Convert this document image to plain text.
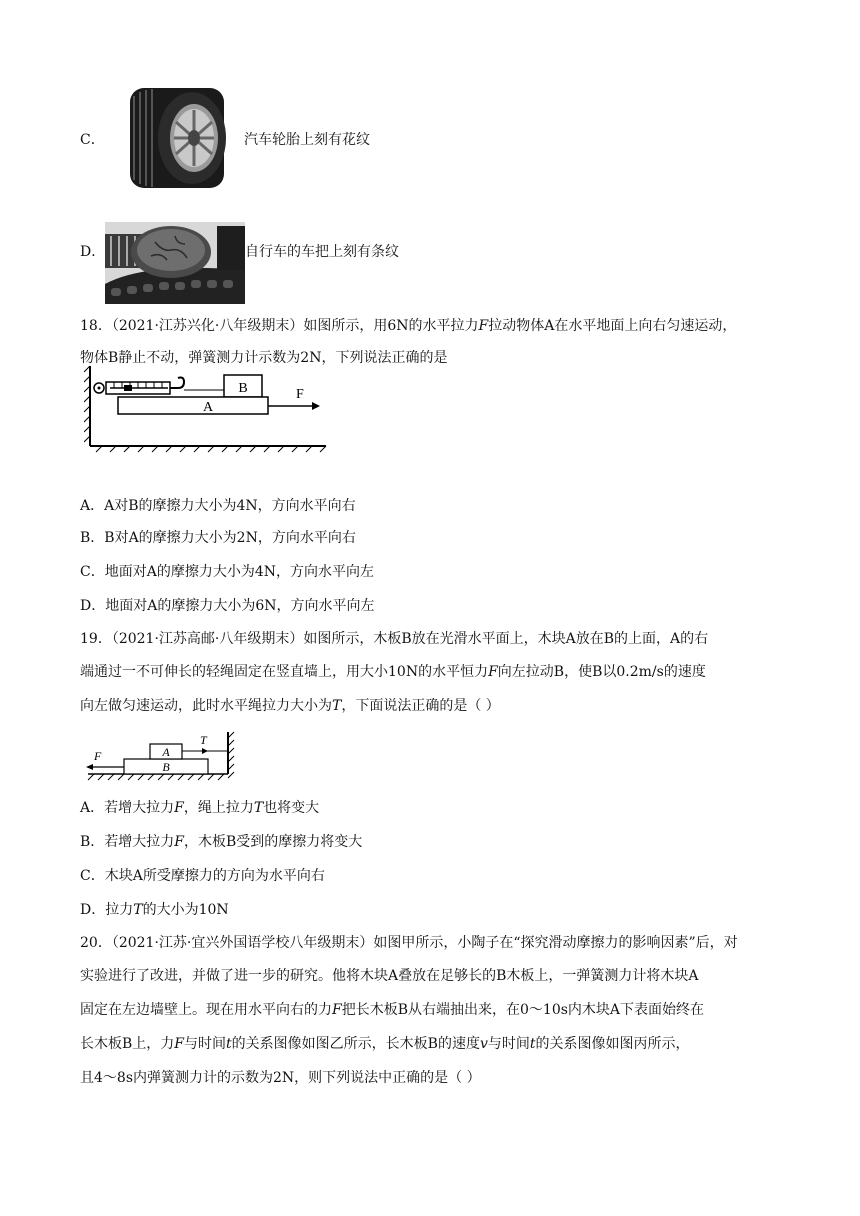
C．	汽车轮胎上刻有花纹
D．	自行车的车把上刻有条纹
18．（2021·江苏兴化·八年级期末）如图所示，用6N的水平拉力F拉动物体A在水平地面上向右匀速运动，
物体B静止不动，弹簧测力计示数为2N，下列说法正确的是
B
A
F
A．A对B的摩擦力大小为4N，方向水平向右
B．B对A的摩擦力大小为2N，方向水平向右
C．地面对A的摩擦力大小为4N，方向水平向左
D．地面对A的摩擦力大小为6N，方向水平向左
19．（2021·江苏高邮·八年级期末）如图所示，木板B放在光滑水平面上，木块A放在B的上面，A的右
端通过一不可伸长的轻绳固定在竖直墙上，用大小10N的水平恒力F向左拉动B，使B以0.2m/s的速度
向左做匀速运动，此时水平绳拉力大小为T，下面说法正确的是（ ）
B
A
T
F
A．若增大拉力F，绳上拉力T也将变大
B．若增大拉力F，木板B受到的摩擦力将变大
C．木块A所受摩擦力的方向为水平向右
D．拉力T的大小为10N
20．（2021·江苏·宜兴外国语学校八年级期末）如图甲所示，小陶子在“探究滑动摩擦力的影响因素”后，对
实验进行了改进，并做了进一步的研究。他将木块A叠放在足够长的B木板上，一弹簧测力计将木块A
固定在左边墙壁上。现在用水平向右的力F把长木板B从右端抽出来，在0～10s内木块A下表面始终在
长木板B上，力F与时间t的关系图像如图乙所示，长木板B的速度v与时间t的关系图像如图丙所示，
且4～8s内弹簧测力计的示数为2N，则下列说法中正确的是（ ）
